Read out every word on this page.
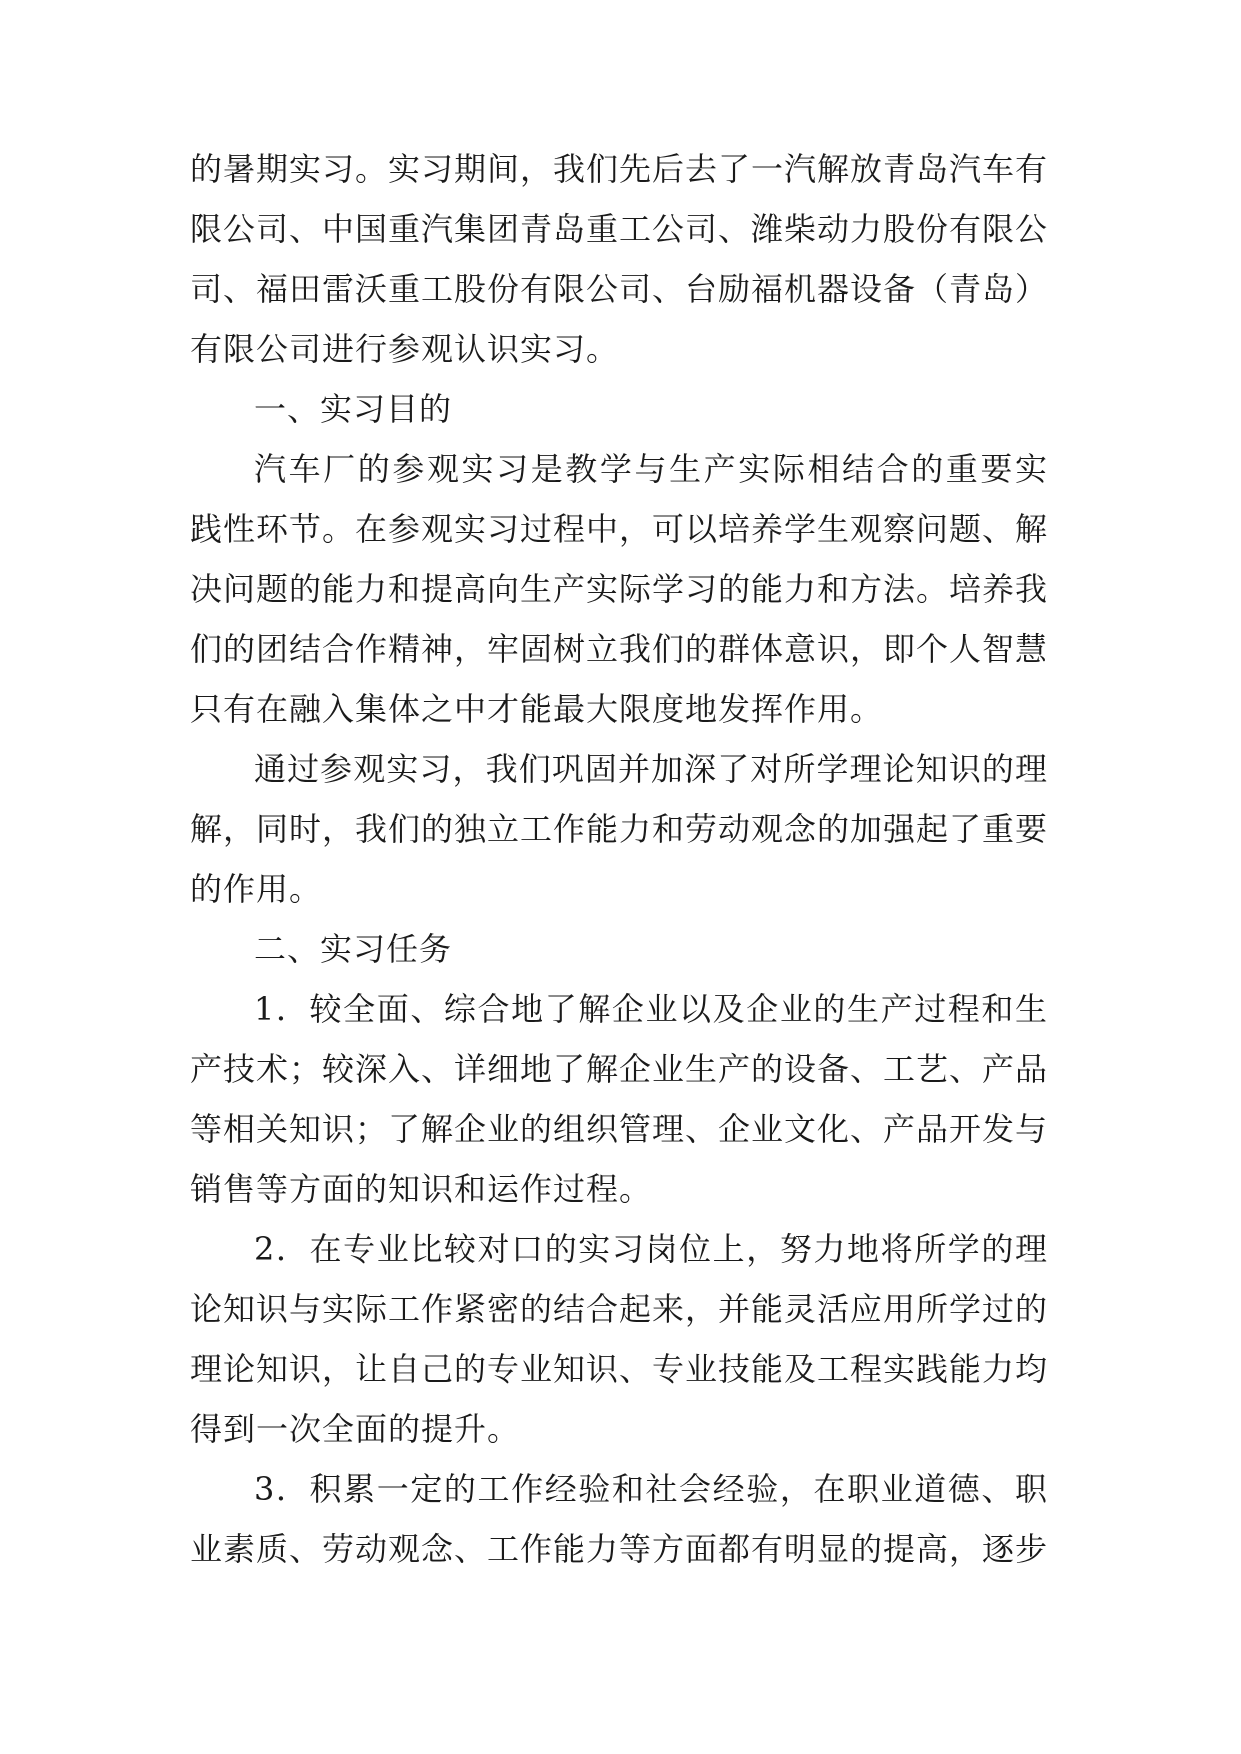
的暑期实习。实习期间，我们先后去了一汽解放青岛汽车有
限公司、中国重汽集团青岛重工公司、潍柴动力股份有限公
司、福田雷沃重工股份有限公司、台励福机器设备（青岛）
有限公司进行参观认识实习。
一、实习目的
汽车厂的参观实习是教学与生产实际相结合的重要实
践性环节。在参观实习过程中，可以培养学生观察问题、解
决问题的能力和提高向生产实际学习的能力和方法。培养我
们的团结合作精神，牢固树立我们的群体意识，即个人智慧
只有在融入集体之中才能最大限度地发挥作用。
通过参观实习，我们巩固并加深了对所学理论知识的理
解，同时，我们的独立工作能力和劳动观念的加强起了重要
的作用。
二、实习任务
1．较全面、综合地了解企业以及企业的生产过程和生
产技术；较深入、详细地了解企业生产的设备、工艺、产品
等相关知识；了解企业的组织管理、企业文化、产品开发与
销售等方面的知识和运作过程。
2．在专业比较对口的实习岗位上，努力地将所学的理
论知识与实际工作紧密的结合起来，并能灵活应用所学过的
理论知识，让自己的专业知识、专业技能及工程实践能力均
得到一次全面的提升。
3．积累一定的工作经验和社会经验，在职业道德、职
业素质、劳动观念、工作能力等方面都有明显的提高，逐步
